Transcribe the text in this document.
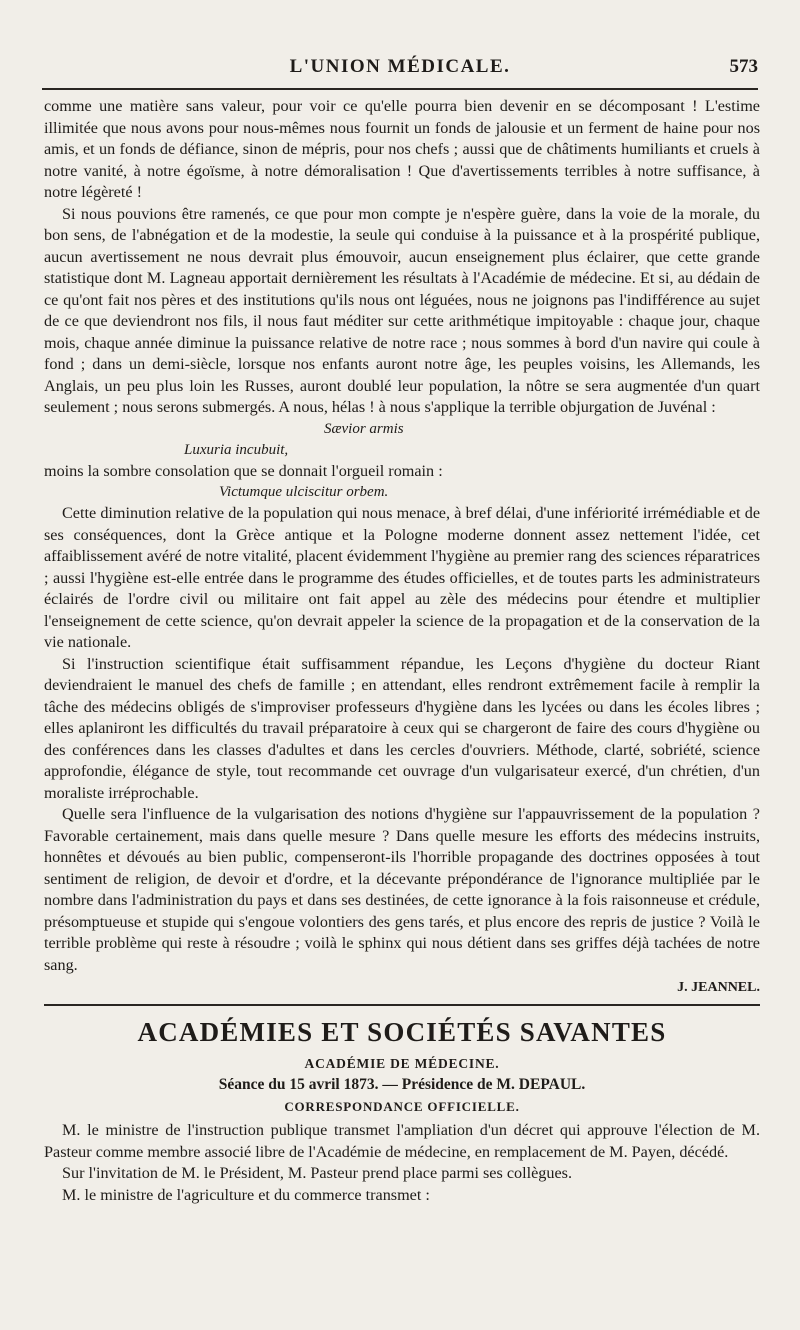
L'UNION MÉDICALE.	573

comme une matière sans valeur, pour voir ce qu'elle pourra bien devenir en se décomposant ! L'estime illimitée que nous avons pour nous-mêmes nous fournit un fonds de jalousie et un ferment de haine pour nos amis, et un fonds de défiance, sinon de mépris, pour nos chefs ; aussi que de châtiments humiliants et cruels à notre vanité, à notre égoïsme, à notre démoralisation ! Que d'avertissements terribles à notre suffisance, à notre légèreté !

Si nous pouvions être ramenés, ce que pour mon compte je n'espère guère, dans la voie de la morale, du bon sens, de l'abnégation et de la modestie, la seule qui conduise à la puissance et à la prospérité publique, aucun avertissement ne nous devrait plus émouvoir, aucun enseignement plus éclairer, que cette grande statistique dont M. Lagneau apportait dernièrement les résultats à l'Académie de médecine. Et si, au dédain de ce qu'ont fait nos pères et des institutions qu'ils nous ont léguées, nous ne joignons pas l'indifférence au sujet de ce que deviendront nos fils, il nous faut méditer sur cette arithmétique impitoyable : chaque jour, chaque mois, chaque année diminue la puissance relative de notre race ; nous sommes à bord d'un navire qui coule à fond ; dans un demi-siècle, lorsque nos enfants auront notre âge, les peuples voisins, les Allemands, les Anglais, un peu plus loin les Russes, auront doublé leur population, la nôtre se sera augmentée d'un quart seulement ; nous serons submergés. A nous, hélas ! à nous s'applique la terrible objurgation de Juvénal :

Sævior armis
Luxuria incubuit,

moins la sombre consolation que se donnait l'orgueil romain :

Victumque ulciscitur orbem.

Cette diminution relative de la population qui nous menace, à bref délai, d'une infériorité irrémédiable et de ses conséquences, dont la Grèce antique et la Pologne moderne donnent assez nettement l'idée, cet affaiblissement avéré de notre vitalité, placent évidemment l'hygiène au premier rang des sciences réparatrices ; aussi l'hygiène est-elle entrée dans le programme des études officielles, et de toutes parts les administrateurs éclairés de l'ordre civil ou militaire ont fait appel au zèle des médecins pour étendre et multiplier l'enseignement de cette science, qu'on devrait appeler la science de la propagation et de la conservation de la vie nationale.

Si l'instruction scientifique était suffisamment répandue, les Leçons d'hygiène du docteur Riant deviendraient le manuel des chefs de famille ; en attendant, elles rendront extrêmement facile à remplir la tâche des médecins obligés de s'improviser professeurs d'hygiène dans les lycées ou dans les écoles libres ; elles aplaniront les difficultés du travail préparatoire à ceux qui se chargeront de faire des cours d'hygiène ou des conférences dans les classes d'adultes et dans les cercles d'ouvriers. Méthode, clarté, sobriété, science approfondie, élégance de style, tout recommande cet ouvrage d'un vulgarisateur exercé, d'un chrétien, d'un moraliste irréprochable.

Quelle sera l'influence de la vulgarisation des notions d'hygiène sur l'appauvrissement de la population ? Favorable certainement, mais dans quelle mesure ? Dans quelle mesure les efforts des médecins instruits, honnêtes et dévoués au bien public, compenseront-ils l'horrible propagande des doctrines opposées à tout sentiment de religion, de devoir et d'ordre, et la décevante prépondérance de l'ignorance multipliée par le nombre dans l'administration du pays et dans ses destinées, de cette ignorance à la fois raisonneuse et crédule, présomptueuse et stupide qui s'engoue volontiers des gens tarés, et plus encore des repris de justice ? Voilà le terrible problème qui reste à résoudre ; voilà le sphinx qui nous détient dans ses griffes déjà tachées de notre sang.

J. JEANNEL.
ACADÉMIES ET SOCIÉTÉS SAVANTES
ACADÉMIE DE MÉDECINE.
Séance du 15 avril 1873. — Présidence de M. DEPAUL.
CORRESPONDANCE OFFICIELLE.

M. le ministre de l'instruction publique transmet l'ampliation d'un décret qui approuve l'élection de M. Pasteur comme membre associé libre de l'Académie de médecine, en remplacement de M. Payen, décédé.

Sur l'invitation de M. le Président, M. Pasteur prend place parmi ses collègues.

M. le ministre de l'agriculture et du commerce transmet :
